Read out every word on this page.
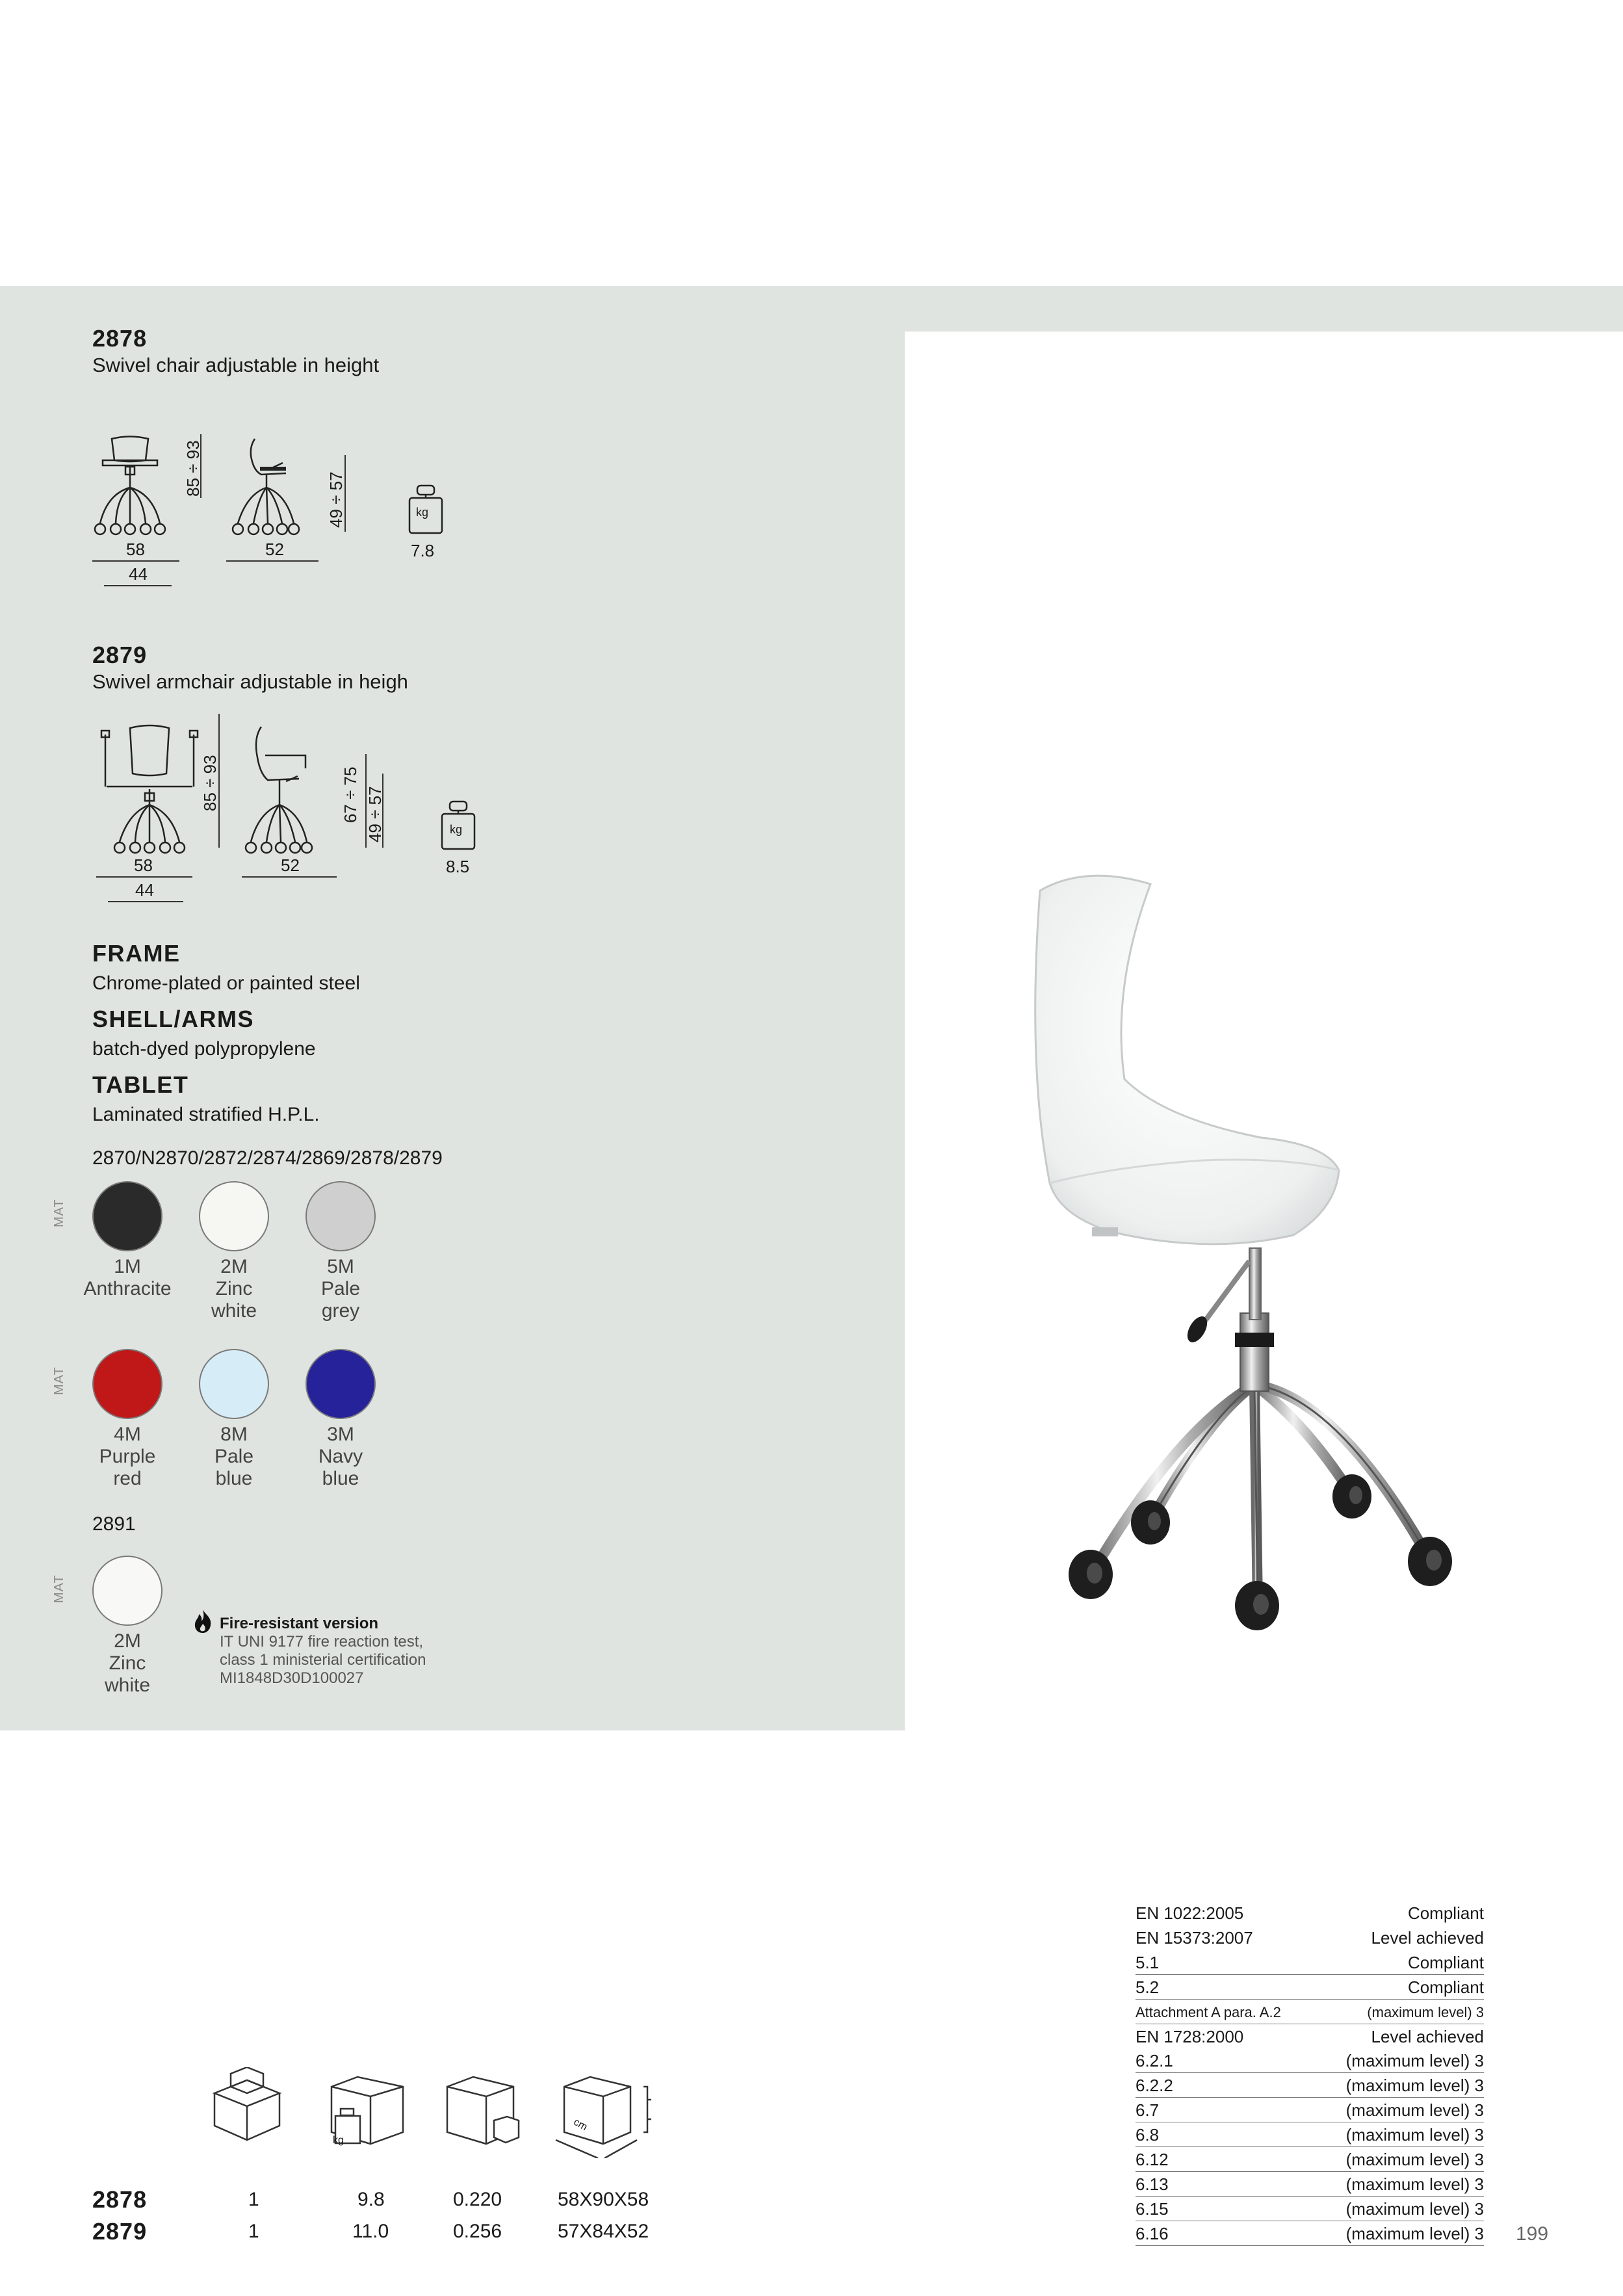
2878
Swivel chair adjustable in height
85 ÷ 93
49 ÷ 57	kg
58
44
52	7.8
2879
Swivel armchair adjustable in heigh
85 ÷ 93	67 ÷ 75 49 ÷ 57	kg
58
44
52	8.5
FRAME
Chrome-plated or painted steel
SHELL/ARMS
batch-dyed polypropylene
TABLET
Laminated stratified H.P.L.
2870/N2870/2872/2874/2869/2878/2879
MAT
1M
Anthracite
2M
Zinc
white
5M
Pale
grey
MAT
4M
Purple
red
8M
Pale
blue
3M
Navy
blue
2891
MAT
2M
Zinc
white
Fire-resistant version
IT UNI 9177 fire reaction test,
class 1 ministerial certification
MI1848D30D100027
kg
cm
2878	1	9.8	0.220	58X90X58
2879	1	11.0	0.256	57X84X52
EN 1022:2005	Compliant
EN 15373:2007	Level achieved
5.1	Compliant
5.2	Compliant
Attachment A para. A.2	(maximum level) 3
EN 1728:2000	Level achieved
6.2.1	(maximum level) 3
6.2.2	(maximum level) 3
6.7	(maximum level) 3
6.8	(maximum level) 3
6.12	(maximum level) 3
6.13	(maximum level) 3
6.15	(maximum level) 3
6.16	(maximum level) 3 199
